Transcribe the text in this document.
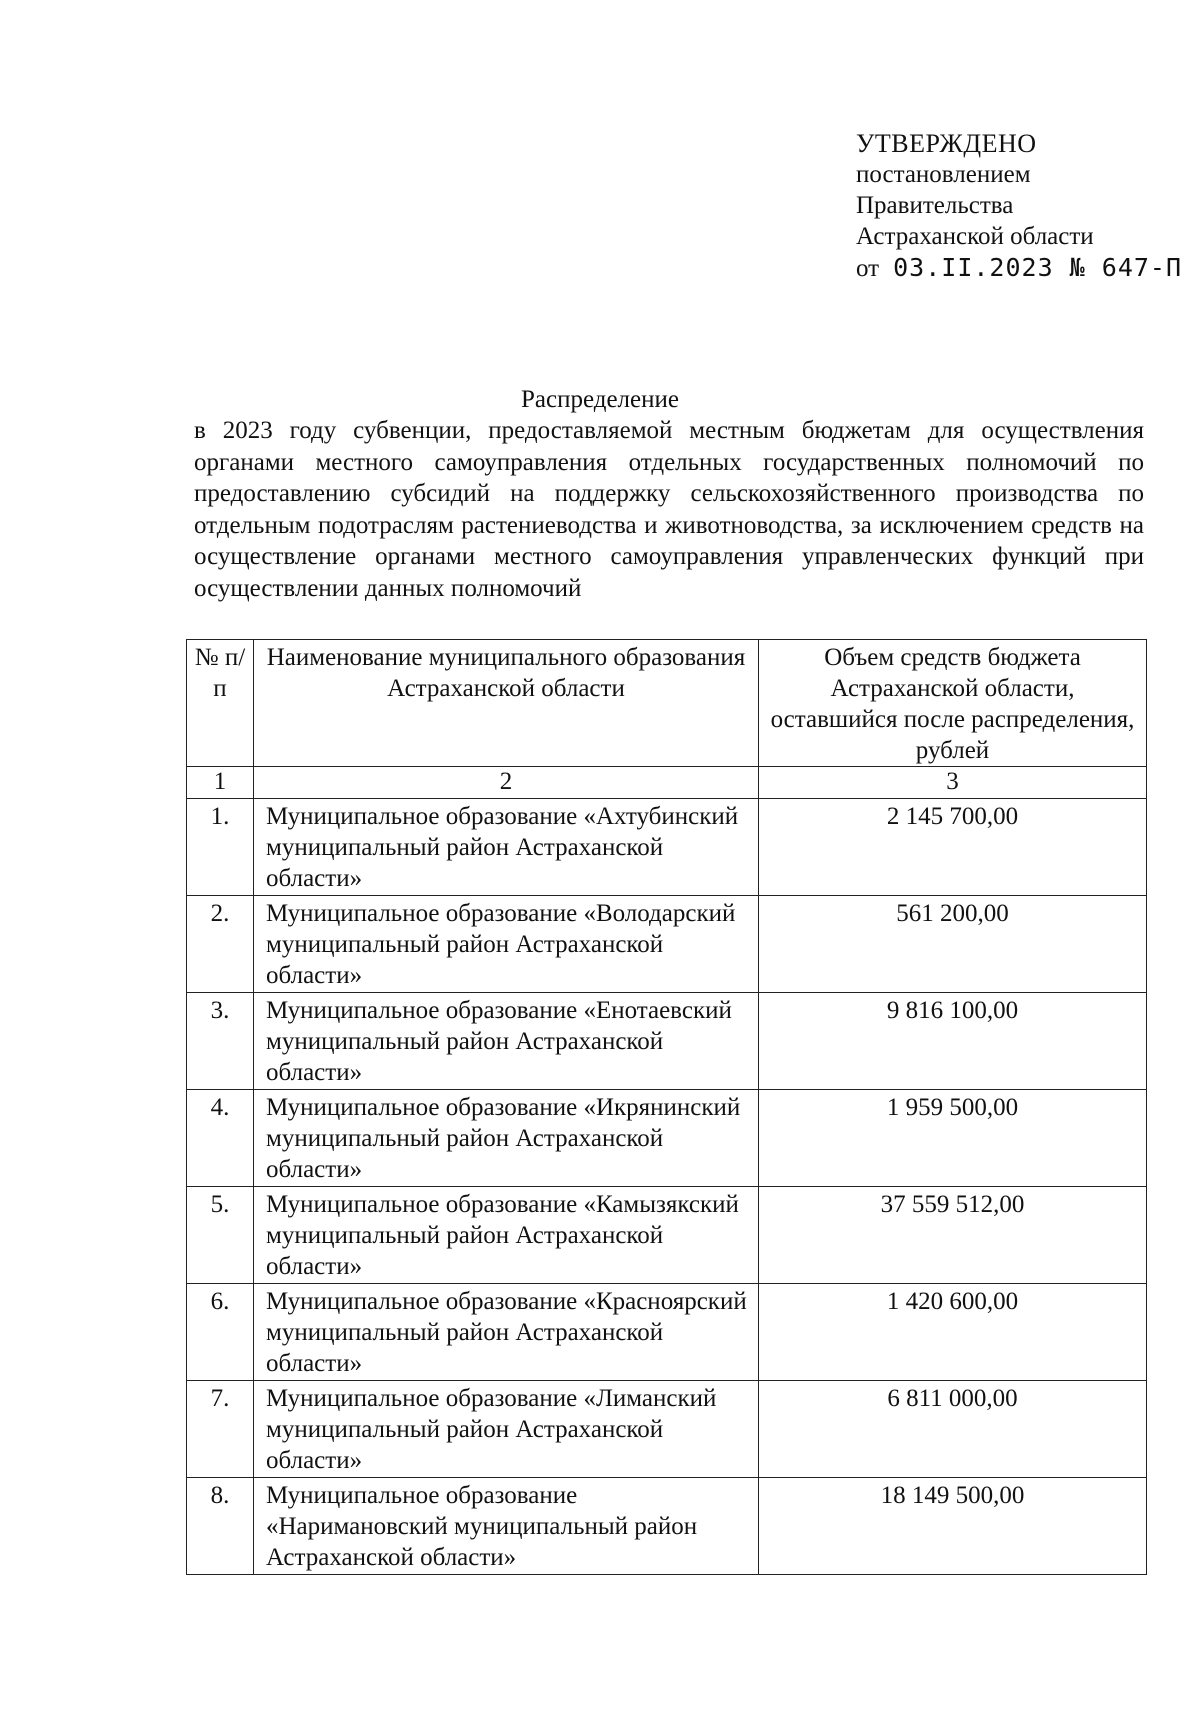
УТВЕРЖДЕНО
постановлением
Правительства
Астраханской области
от 03.II.2023 № 647-П
Распределение
в 2023 году субвенции, предоставляемой местным бюджетам для осуществления органами местного самоуправления отдельных государственных полномочий по предоставлению субсидий на поддержку сельскохозяйственного производства по отдельным подотраслям растениеводства и животноводства, за исключением средств на осуществление органами местного самоуправления управленческих функций при осуществлении данных полномочий
№ п/п	Наименование муниципального образования Астраханской области	Объем средств бюджета Астраханской области, оставшийся после распределения, рублей
1	2	3
1.	Муниципальное образование «Ахтубинский муниципальный район Астраханской области»	2 145 700,00
2.	Муниципальное образование «Володарский муниципальный район Астраханской области»	561 200,00
3.	Муниципальное образование «Енотаевский муниципальный район Астраханской области»	9 816 100,00
4.	Муниципальное образование «Икрянинский муниципальный район Астраханской области»	1 959 500,00
5.	Муниципальное образование «Камызякский муниципальный район Астраханской области»	37 559 512,00
6.	Муниципальное образование «Красноярский муниципальный район Астраханской области»	1 420 600,00
7.	Муниципальное образование «Лиманский муниципальный район Астраханской области»	6 811 000,00
8.	Муниципальное образование «Наримановский муниципальный район Астраханской области»	18 149 500,00
